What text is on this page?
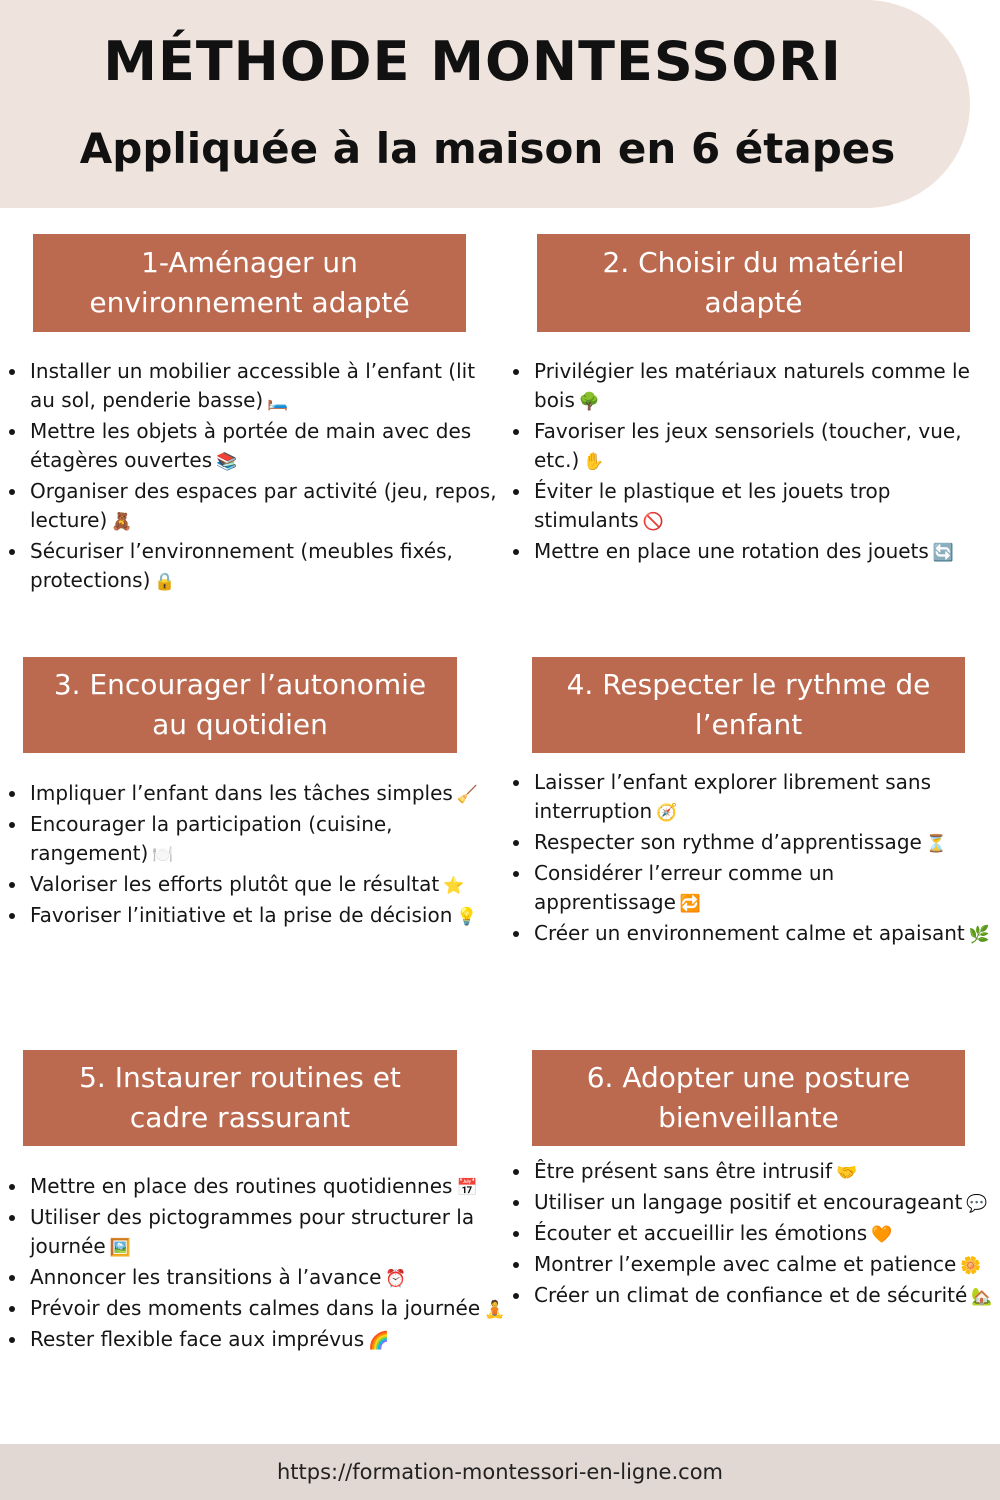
MÉTHODE MONTESSORI
Appliquée à la maison en 6 étapes
1-Aménager un environnement adapté
Installer un mobilier accessible à l’enfant (lit au sol, penderie basse) 🛏️
Mettre les objets à portée de main avec des étagères ouvertes 📚
Organiser des espaces par activité (jeu, repos, lecture) 🧸
Sécuriser l’environnement (meubles fixés, protections) 🔒
2. Choisir du matériel adapté
Privilégier les matériaux naturels comme le bois 🌳
Favoriser les jeux sensoriels (toucher, vue, etc.) ✋
Éviter le plastique et les jouets trop stimulants 🚫
Mettre en place une rotation des jouets 🔄
3. Encourager l’autonomie au quotidien
Impliquer l’enfant dans les tâches simples 🧹
Encourager la participation (cuisine, rangement) 🍽️
Valoriser les efforts plutôt que le résultat ⭐
Favoriser l’initiative et la prise de décision 💡
4. Respecter le rythme de l’enfant
Laisser l’enfant explorer librement sans interruption 🧭
Respecter son rythme d’apprentissage ⏳
Considérer l’erreur comme un apprentissage 🔁
Créer un environnement calme et apaisant 🌿
5. Instaurer routines et cadre rassurant
Mettre en place des routines quotidiennes 📅
Utiliser des pictogrammes pour structurer la journée 🖼️
Annoncer les transitions à l’avance ⏰
Prévoir des moments calmes dans la journée 🧘
Rester flexible face aux imprévus 🌈
6. Adopter une posture bienveillante
Être présent sans être intrusif 🤝
Utiliser un langage positif et encourageant 💬
Écouter et accueillir les émotions 🧡
Montrer l’exemple avec calme et patience 🌼
Créer un climat de confiance et de sécurité 🏡
https://formation-montessori-en-ligne.com
